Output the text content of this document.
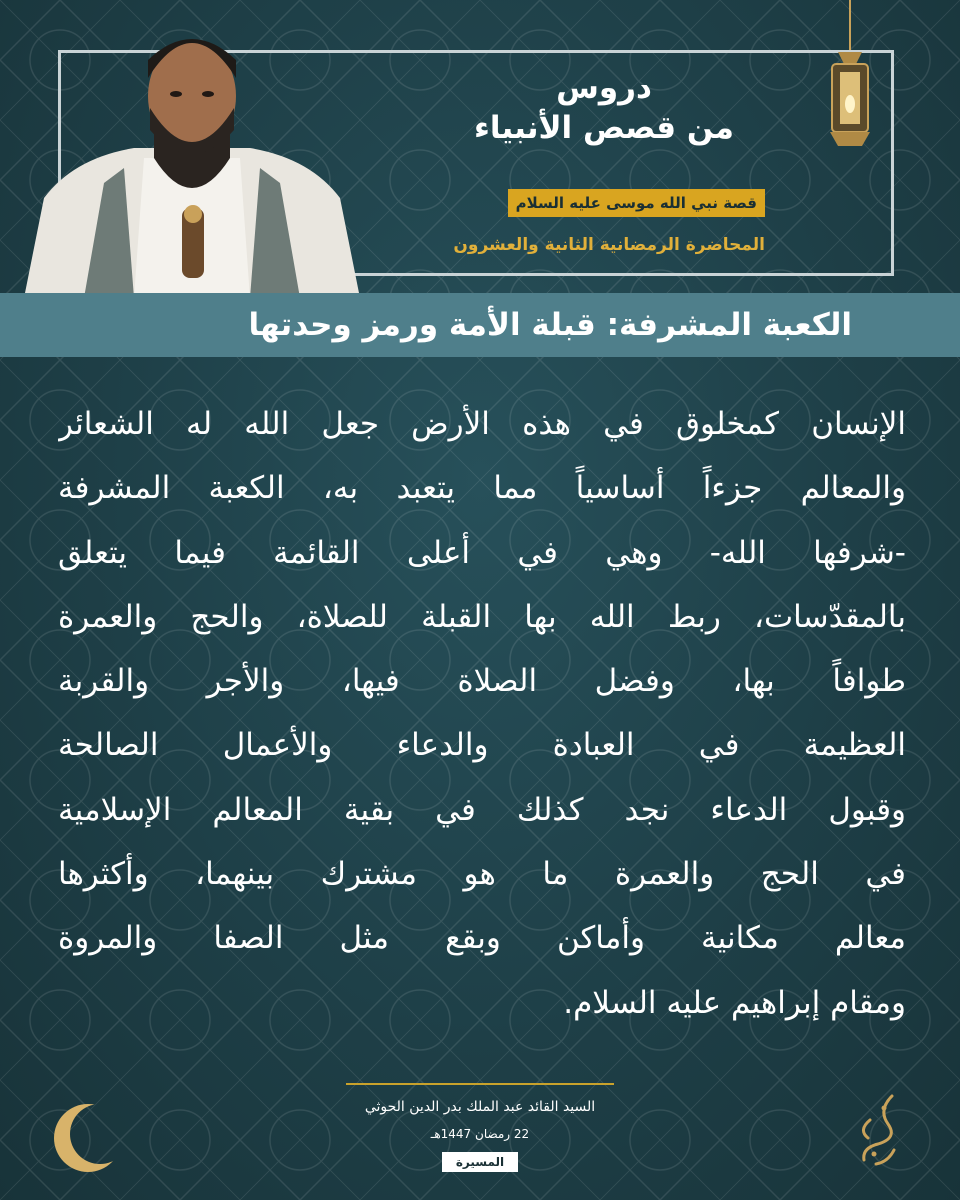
دروس
من قصص الأنبياء
قصة نبي الله موسى عليه السلام
المحاضرة الرمضانية الثانية والعشرون
الكعبة المشرفة: قبلة الأمة ورمز وحدتها
الإنسان كمخلوق في هذه الأرض جعل الله له الشعائر
والمعالم جزءاً أساسياً مما يتعبد به، الكعبة المشرفة
-شرفها الله- وهي في أعلى القائمة فيما يتعلق
بالمقدّسات، ربط الله بها القبلة للصلاة، والحج والعمرة
طوافاً بها، وفضل الصلاة فيها، والأجر والقربة
العظيمة في العبادة والدعاء والأعمال الصالحة
وقبول الدعاء نجد كذلك في بقية المعالم الإسلامية
في الحج والعمرة ما هو مشترك بينهما، وأكثرها
معالم مكانية وأماكن وبقع مثل الصفا والمروة
ومقام إبراهيم عليه السلام.
السيد القائد عبد الملك بدر الدين الحوثي
22 رمضان 1447هـ
المسيرة
